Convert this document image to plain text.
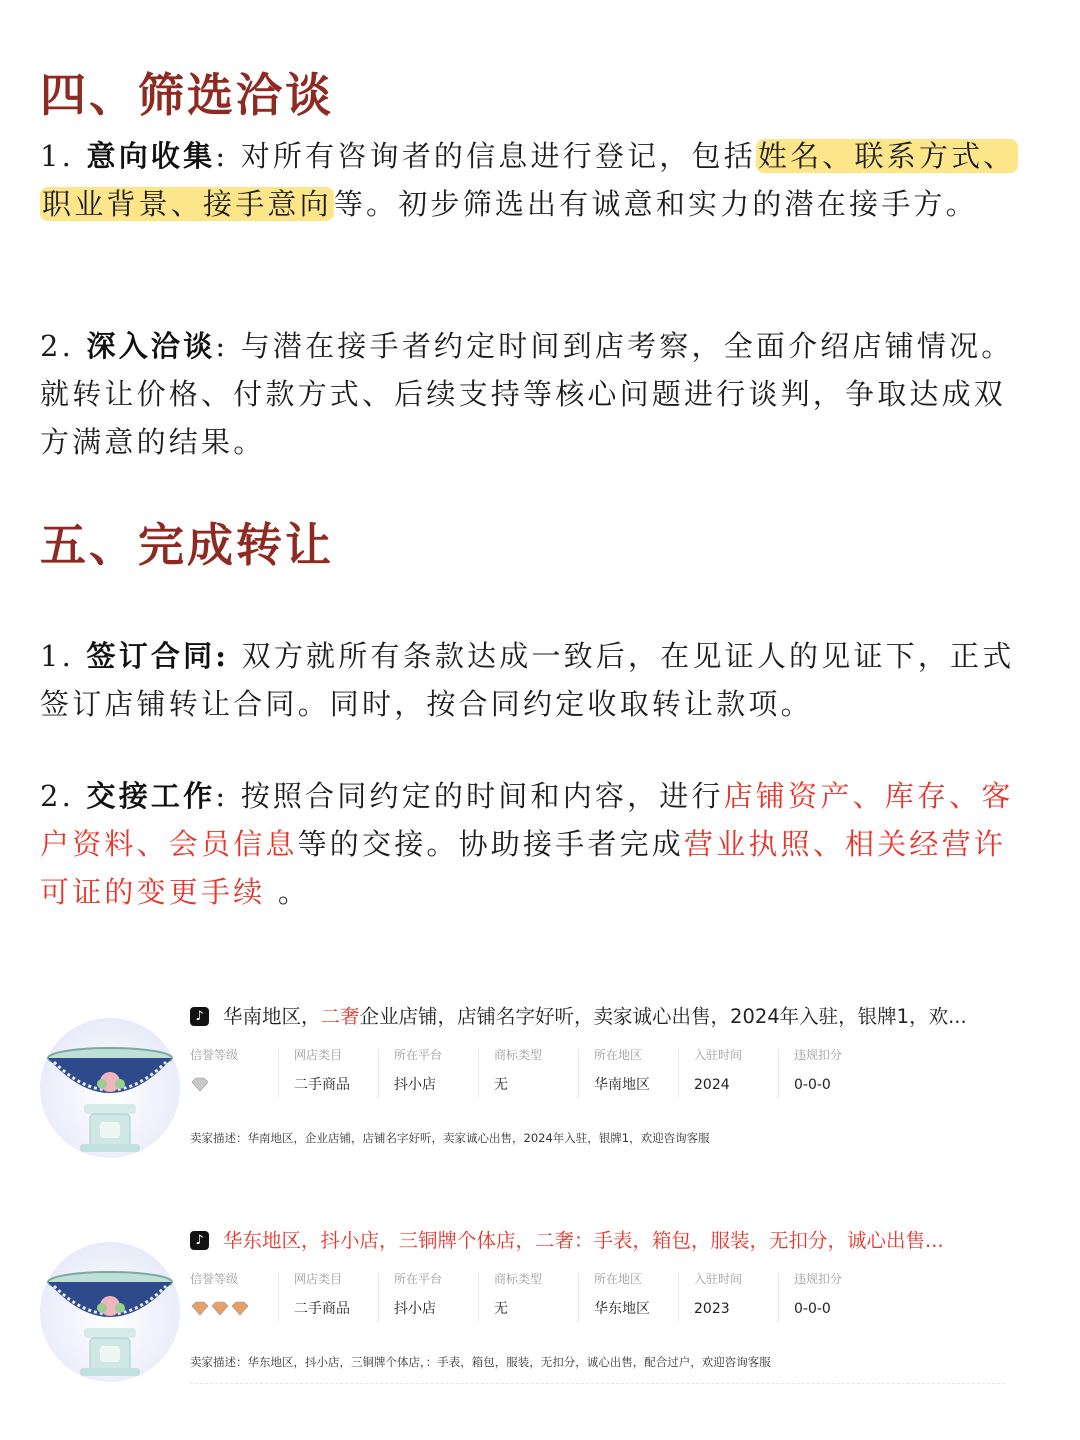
四、筛选洽谈

1. 意向收集: 对所有咨询者的信息进行登记，包括姓名、联系方式、职业背景、接手意向等。初步筛选出有诚意和实力的潜在接手方。

2. 深入洽谈: 与潜在接手者约定时间到店考察，全面介绍店铺情况。就转让价格、付款方式、后续支持等核心问题进行谈判，争取达成双方满意的结果。

五、完成转让

1. 签订合同: 双方就所有条款达成一致后，在见证人的见证下，正式签订店铺转让合同。同时，按合同约定收取转让款项。

2. 交接工作: 按照合同约定的时间和内容，进行店铺资产、库存、客户资料、会员信息等的交接。协助接手者完成营业执照、相关经营许可证的变更手续 。

♪ 华南地区，二奢企业店铺，店铺名字好听，卖家诚心出售，2024年入驻，银牌1，欢...
信誉等级	网店类目
二手商品
所在平台
抖小店
商标类型
无
所在地区
华南地区
入驻时间
2024
违规扣分
0-0-0
卖家描述：华南地区，企业店铺，店铺名字好听，卖家诚心出售，2024年入驻，银牌1，欢迎咨询客服
♪ 华东地区，抖小店，三铜牌个体店，二奢：手表，箱包，服装，无扣分，诚心出售...
信誉等级	网店类目
二手商品
所在平台
抖小店
商标类型
无
所在地区
华东地区
入驻时间
2023
违规扣分
0-0-0
卖家描述：华东地区，抖小店，三铜牌个体店，：手表，箱包，服装，无扣分，诚心出售，配合过户，欢迎咨询客服
